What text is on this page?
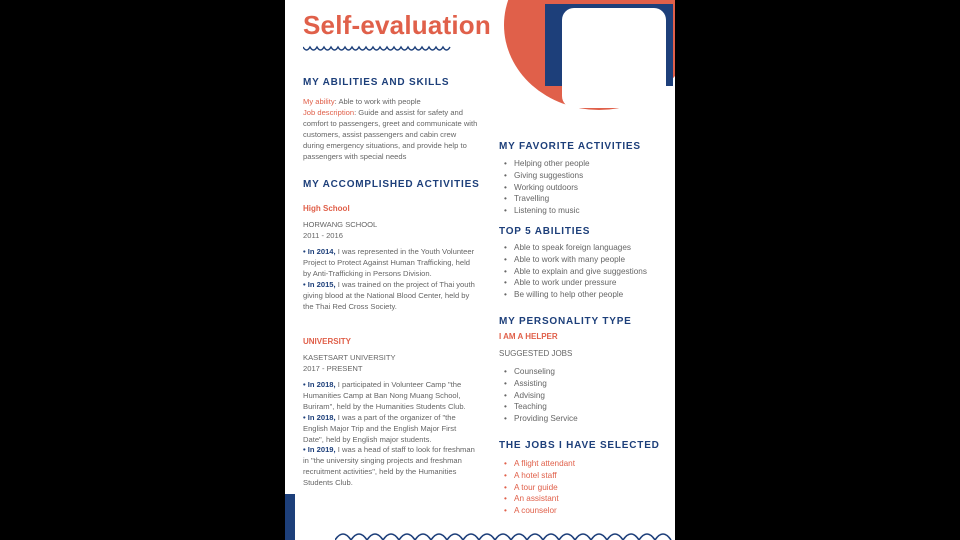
Self-evaluation
MY ABILITIES AND SKILLS

My ability: Able to work with people
Job description: Guide and assist for safety and comfort to passengers, greet and communicate with customers, assist passengers and cabin crew during emergency situations, and provide help to passengers with special needs

MY ACCOMPLISHED ACTIVITIES
High School

HORWANG SCHOOL
2011 - 2016

• In 2014, I was represented in the Youth Volunteer Project to Protect Against Human Trafficking, held by Anti-Trafficking in Persons Division.
• In 2015, I was trained on the project of Thai youth giving blood at the National Blood Center, held by the Thai Red Cross Society.

UNIVERSITY

KASETSART UNIVERSITY
2017 - PRESENT

• In 2018, I participated in Volunteer Camp "the Humanities Camp at Ban Nong Muang School, Buriram", held by the Humanities Students Club.
• In 2018, I was a part of the organizer of "the English Major Trip and the English Major First Date", held by English major students.
• In 2019, I was a head of staff to look for freshman in "the university singing projects and freshman recruitment activities", held by the Humanities Students Club.

MY FAVORITE ACTIVITIES
• Helping other people
• Giving suggestions
• Working outdoors
• Travelling
• Listening to music
TOP 5 ABILITIES
• Able to speak foreign languages
• Able to work with many people
• Able to explain and give suggestions
• Able to work under pressure
• Be willing to help other people
MY PERSONALITY TYPE
I AM A HELPER
SUGGESTED JOBS
• Counseling
• Assisting
• Advising
• Teaching
• Providing Service
THE JOBS I HAVE SELECTED
• A flight attendant
• A hotel staff
• A tour guide
• An assistant
• A counselor
